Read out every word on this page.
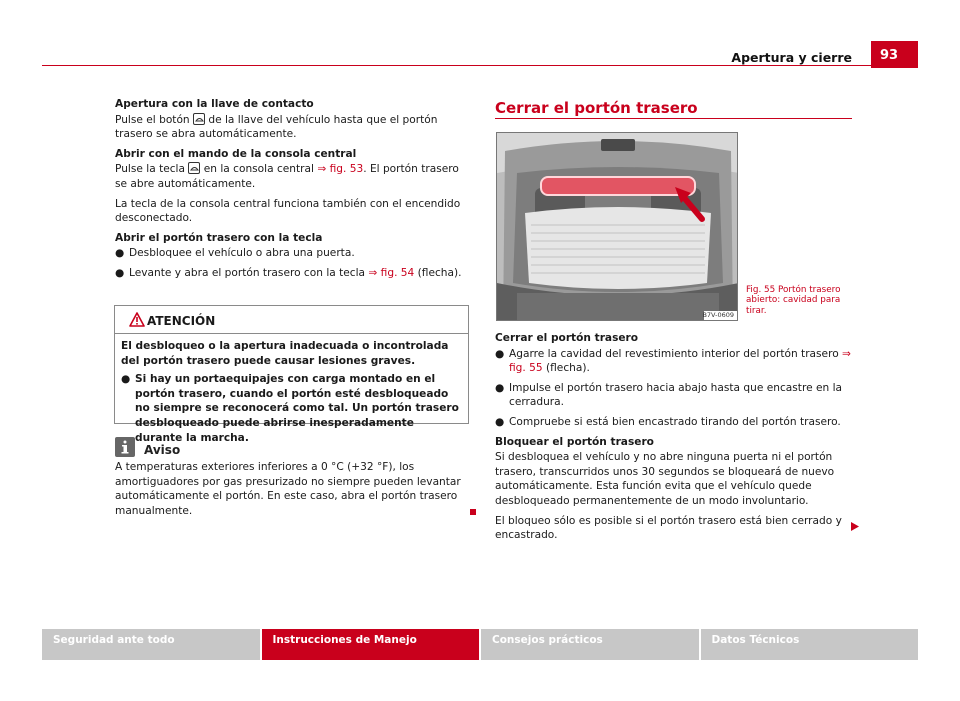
Apertura y cierre	93
Apertura con la llave de contacto
Pulse el botón
de la llave del vehículo hasta que el portón trasero se abra automáticamente.
Abrir con el mando de la consola central
Pulse la tecla
en la consola central ⇒ fig. 53. El portón trasero se abre automáticamente.
La tecla de la consola central funciona también con el encendido desconectado.
Abrir el portón trasero con la tecla
● Desbloquee el vehículo o abra una puerta.
● Levante y abra el portón trasero con la tecla ⇒ fig. 54 (flecha).
ATENCIÓN
El desbloqueo o la apertura inadecuada o incontrolada del portón trasero puede causar lesiones graves.
● Si hay un portaequipajes con carga montado en el portón trasero, cuando el portón esté desbloqueado no siempre se reconocerá como tal. Un portón trasero desbloqueado puede abrirse inesperadamente durante la marcha.
Aviso
A temperaturas exteriores inferiores a 0 °C (+32 °F), los amortiguadores por gas presurizado no siempre pueden levantar automáticamente el portón. En este caso, abra el portón trasero manualmente.
Cerrar el portón trasero
B7V-0609
Fig. 55 Portón trasero abierto: cavidad para tirar.
Cerrar el portón trasero
● Agarre la cavidad del revestimiento interior del portón trasero ⇒ fig. 55 (flecha).
● Impulse el portón trasero hacia abajo hasta que encastre en la cerradura.
● Compruebe si está bien encastrado tirando del portón trasero.
Bloquear el portón trasero
Si desbloquea el vehículo y no abre ninguna puerta ni el portón trasero, transcurridos unos 30 segundos se bloqueará de nuevo automáticamente. Esta función evita que el vehículo quede desbloqueado permanentemente de un modo involuntario.
El bloqueo sólo es posible si el portón trasero está bien cerrado y encastrado.
Seguridad ante todo	Instrucciones de Manejo	Consejos prácticos	Datos Técnicos
